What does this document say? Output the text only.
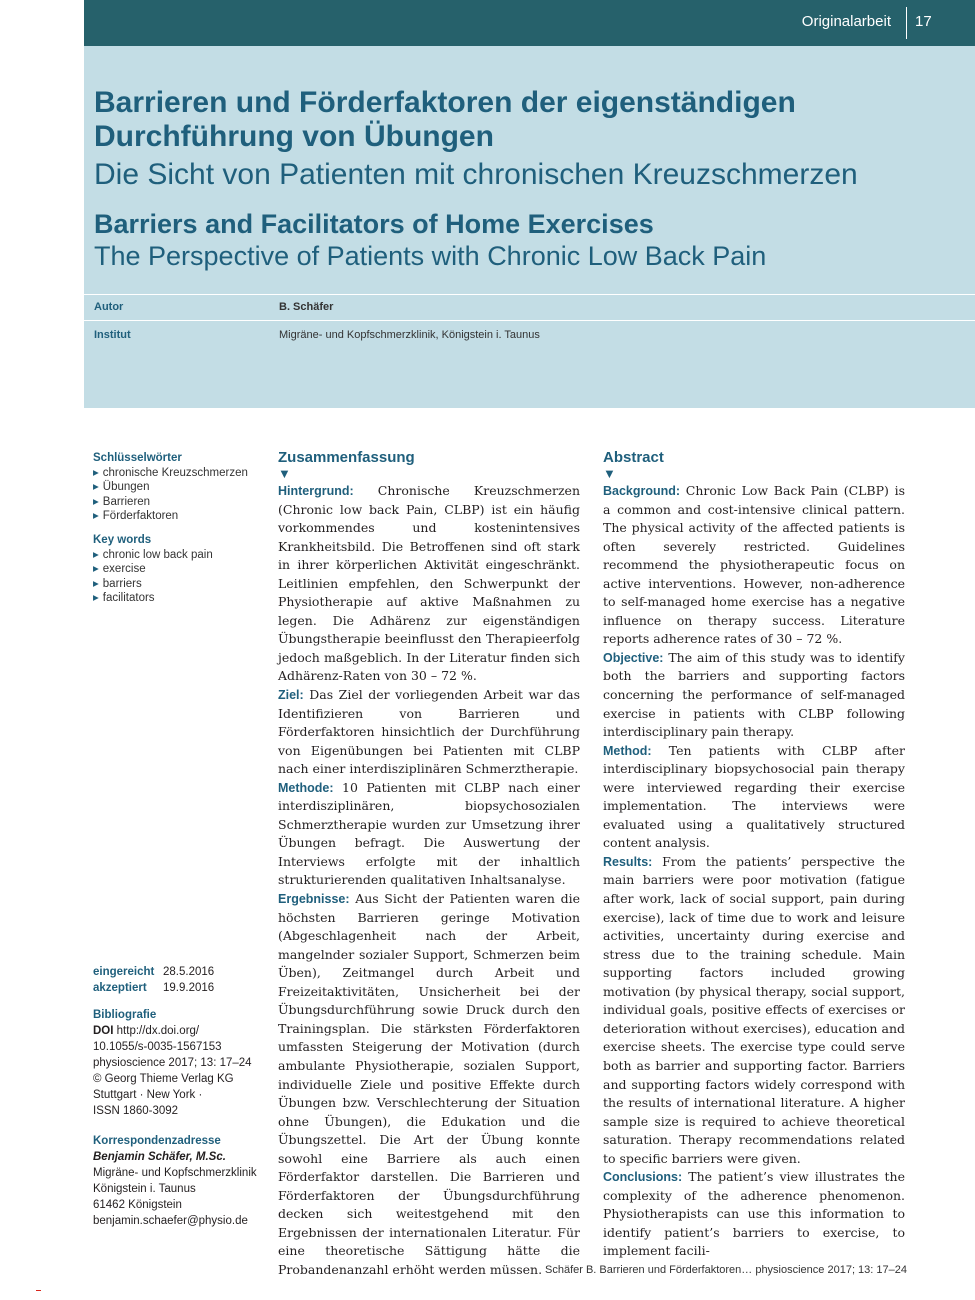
Originalarbeit 17
Barrieren und Förderfaktoren der eigenständigen Durchführung von Übungen
Die Sicht von Patienten mit chronischen Kreuzschmerzen
Barriers and Facilitators of Home Exercises
The Perspective of Patients with Chronic Low Back Pain
Autor	B. Schäfer
Institut	Migräne- und Kopfschmerzklinik, Königstein i. Taunus
Schlüsselwörter
▸ chronische Kreuzschmerzen
▸ Übungen
▸ Barrieren
▸ Förderfaktoren
Key words
▸ chronic low back pain
▸ exercise
▸ barriers
▸ facilitators
eingereicht 28.5.2016
akzeptiert 19.9.2016
Bibliografie
DOI http://dx.doi.org/
10.1055/s-0035-1567153
physioscience 2017; 13: 17–24
© Georg Thieme Verlag KG
Stuttgart · New York ·
ISSN 1860-3092
Korrespondenzadresse
Benjamin Schäfer, M.Sc.
Migräne- und Kopfschmerzklinik
Königstein i. Taunus
61462 Königstein
benjamin.schaefer@physio.de
Zusammenfassung
▼

Hintergrund: Chronische Kreuzschmerzen (Chronic low back Pain, CLBP) ist ein häufig vorkommendes und kostenintensives Krankheitsbild. Die Betroffenen sind oft stark in ihrer körperlichen Aktivität eingeschränkt. Leitlinien empfehlen, den Schwerpunkt der Physiotherapie auf aktive Maßnahmen zu legen. Die Adhärenz zur eigenständigen Übungstherapie beeinflusst den Therapieerfolg jedoch maßgeblich. In der Literatur finden sich Adhärenz-Raten von 30 – 72 %.

Ziel: Das Ziel der vorliegenden Arbeit war das Identifizieren von Barrieren und Förderfaktoren hinsichtlich der Durchführung von Eigenübungen bei Patienten mit CLBP nach einer interdisziplinären Schmerztherapie.

Methode: 10 Patienten mit CLBP nach einer interdisziplinären, biopsychosozialen Schmerztherapie wurden zur Umsetzung ihrer Übungen befragt. Die Auswertung der Interviews erfolgte mit der inhaltlich strukturierenden qualitativen Inhaltsanalyse.

Ergebnisse: Aus Sicht der Patienten waren die höchsten Barrieren geringe Motivation (Abgeschlagenheit nach der Arbeit, mangelnder sozialer Support, Schmerzen beim Üben), Zeitmangel durch Arbeit und Freizeitaktivitäten, Unsicherheit bei der Übungsdurchführung sowie Druck durch den Trainingsplan. Die stärksten Förderfaktoren umfassten Steigerung der Motivation (durch ambulante Physiotherapie, sozialen Support, individuelle Ziele und positive Effekte durch Übungen bzw. Verschlechterung der Situation ohne Übungen), die Edukation und die Übungszettel. Die Art der Übung konnte sowohl eine Barriere als auch einen Förderfaktor darstellen. Die Barrieren und Förderfaktoren der Übungsdurchführung decken sich weitestgehend mit den Ergebnissen der internationalen Literatur. Für eine theoretische Sättigung hätte die Probandenanzahl erhöht werden müssen.

Abstract
▼

Background: Chronic Low Back Pain (CLBP) is a common and cost-intensive clinical pattern. The physical activity of the affected patients is often severely restricted. Guidelines recommend the physiotherapeutic focus on active interventions. However, non-adherence to self-managed home exercise has a negative influence on therapy success. Literature reports adherence rates of 30 – 72 %.

Objective: The aim of this study was to identify both the barriers and supporting factors concerning the performance of self-managed exercise in patients with CLBP following interdisciplinary pain therapy.

Method: Ten patients with CLBP after interdisciplinary biopsychosocial pain therapy were interviewed regarding their exercise implementation. The interviews were evaluated using a qualitatively structured content analysis.

Results: From the patients’ perspective the main barriers were poor motivation (fatigue after work, lack of social support, pain during exercise), lack of time due to work and leisure activities, uncertainty during exercise and stress due to the training schedule. Main supporting factors included growing motivation (by physical therapy, social support, individual goals, positive effects of exercises or deterioration without exercises), education and exercise sheets. The exercise type could serve both as barrier and supporting factor. Barriers and supporting factors widely correspond with the results of international literature. A higher sample size is required to achieve theoretical saturation. Therapy recommendations related to specific barriers were given.

Conclusions: The patient’s view illustrates the complexity of the adherence phenomenon. Physiotherapists can use this information to identify patient’s barriers to exercise, to implement facili-

Schäfer B. Barrieren und Förderfaktoren… physioscience 2017; 13: 17–24
